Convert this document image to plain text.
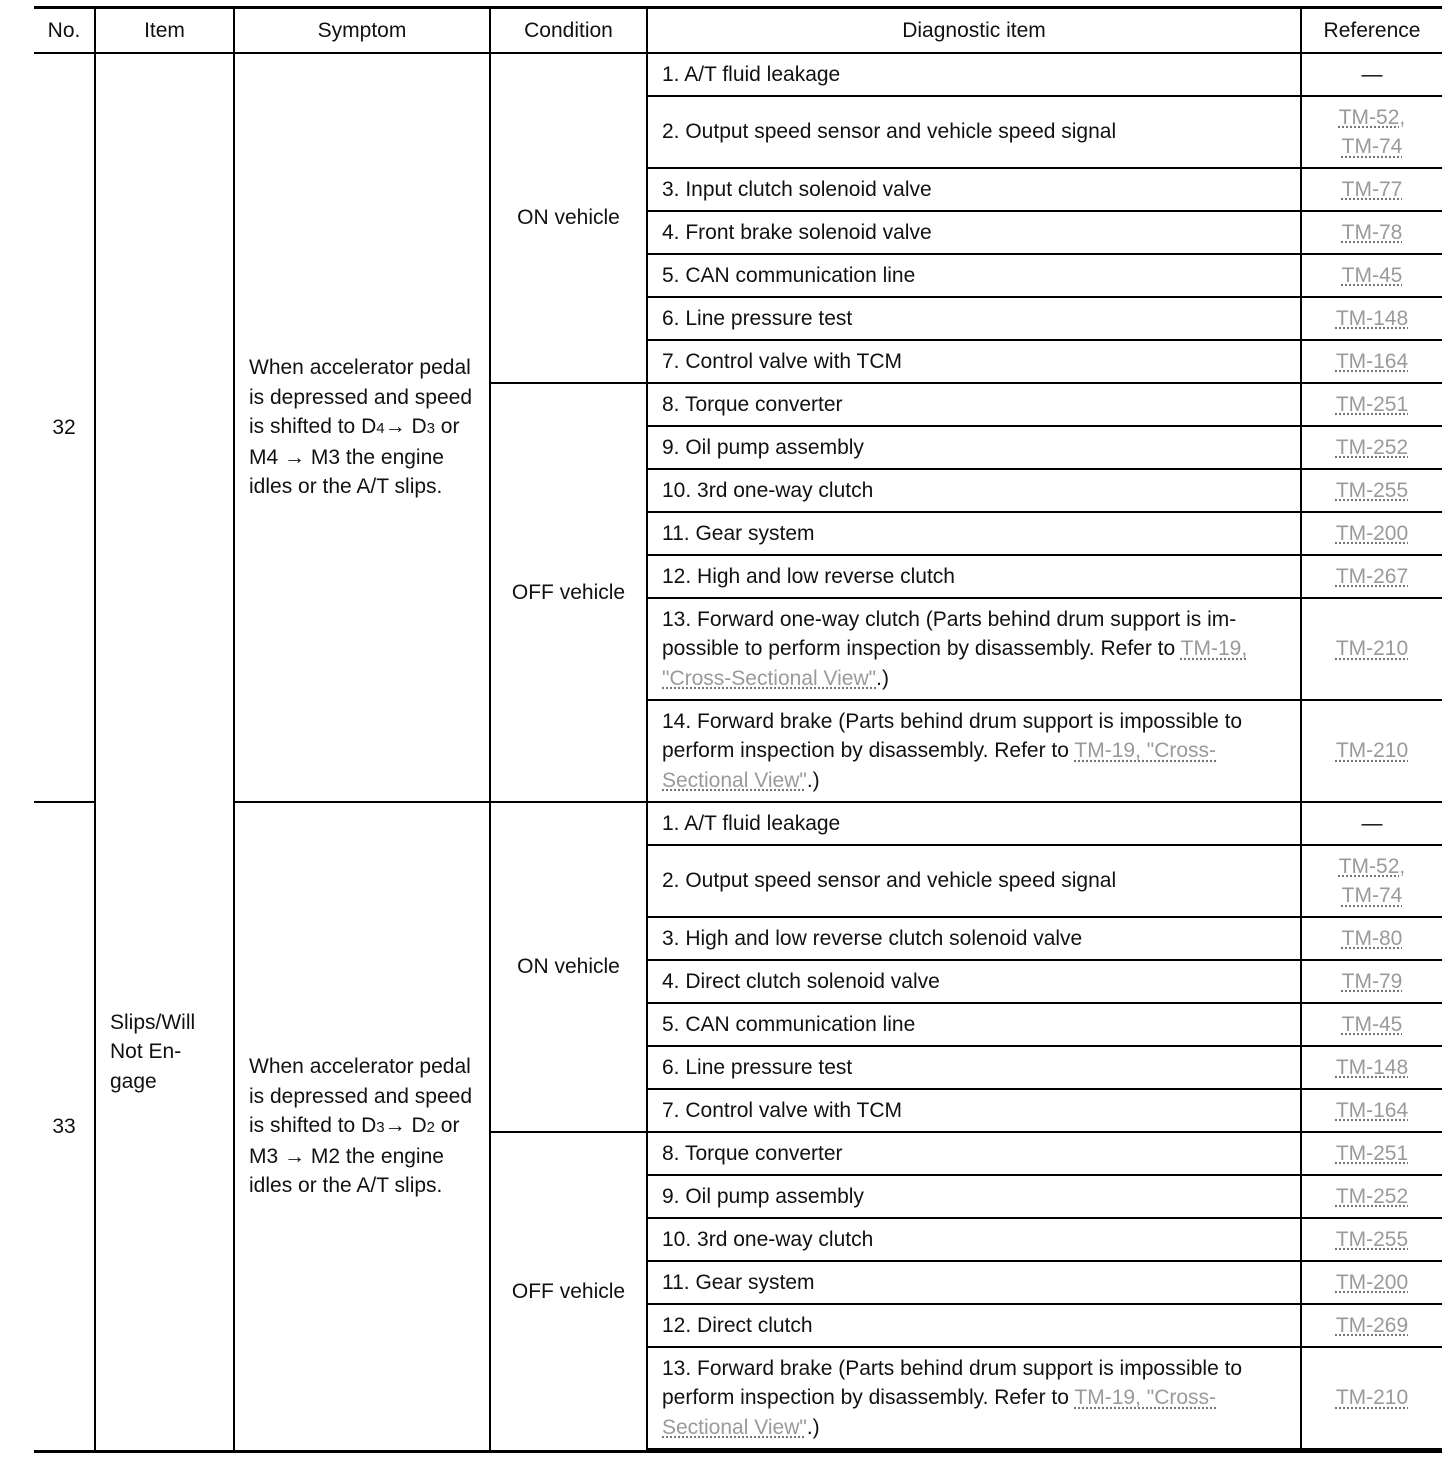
No.	Item	Symptom	Condition	Diagnostic item	Reference
32	Slips/Will Not En-gage	When accelerator pedal is depressed and speed is shifted to D4→ D3 or M4 → M3 the engine idles or the A/T slips.	ON vehicle	1. A/T fluid leakage	—
				2. Output speed sensor and vehicle speed signal	TM-52,
TM-74
				3. Input clutch solenoid valve	TM-77
				4. Front brake solenoid valve	TM-78
				5. CAN communication line	TM-45
				6. Line pressure test	TM-148
				7. Control valve with TCM	TM-164
			OFF vehicle	8. Torque converter	TM-251
				9. Oil pump assembly	TM-252
				10. 3rd one-way clutch	TM-255
				11. Gear system	TM-200
				12. High and low reverse clutch	TM-267
				13. Forward one-way clutch (Parts behind drum support is im-possible to perform inspection by disassembly. Refer to TM-19, "Cross-Sectional View".)	TM-210
				14. Forward brake (Parts behind drum support is impossible to perform inspection by disassembly. Refer to TM-19, "Cross-Sectional View".)	TM-210
33		When accelerator pedal is depressed and speed is shifted to D3→ D2 or M3 → M2 the engine idles or the A/T slips.	ON vehicle	1. A/T fluid leakage	—
				2. Output speed sensor and vehicle speed signal	TM-52,
TM-74
				3. High and low reverse clutch solenoid valve	TM-80
				4. Direct clutch solenoid valve	TM-79
				5. CAN communication line	TM-45
				6. Line pressure test	TM-148
				7. Control valve with TCM	TM-164
			OFF vehicle	8. Torque converter	TM-251
				9. Oil pump assembly	TM-252
				10. 3rd one-way clutch	TM-255
				11. Gear system	TM-200
				12. Direct clutch	TM-269
				13. Forward brake (Parts behind drum support is impossible to perform inspection by disassembly. Refer to TM-19, "Cross-Sectional View".)	TM-210
